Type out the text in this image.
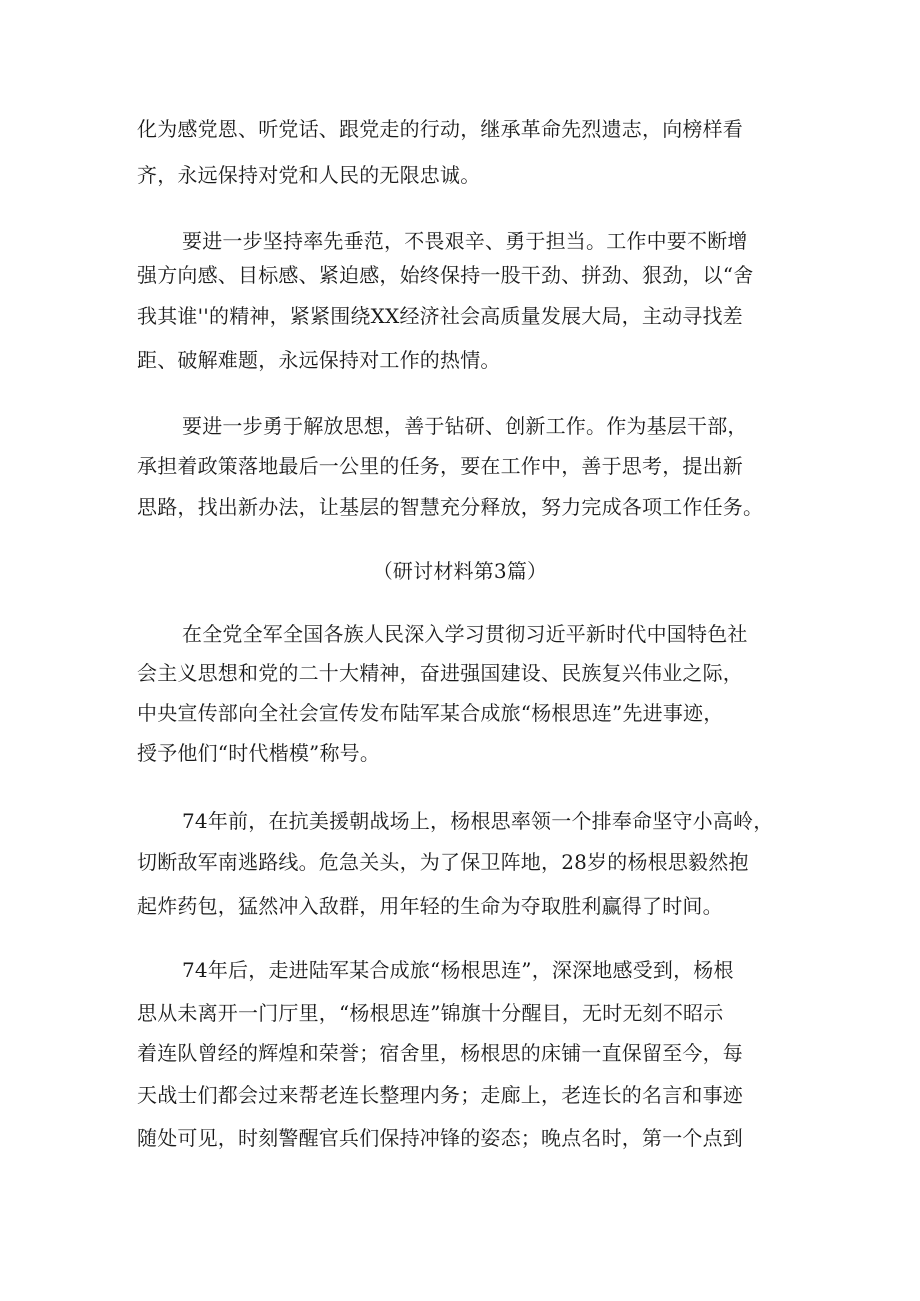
化为感党恩、听党话、跟党走的行动，继承革命先烈遗志，向榜样看
齐，永远保持对党和人民的无限忠诚。
要进一步坚持率先垂范，不畏艰辛、勇于担当。工作中要不断增
强方向感、目标感、紧迫感，始终保持一股干劲、拼劲、狠劲，以“舍
我其谁''的精神，紧紧围绕XX经济社会高质量发展大局，主动寻找差
距、破解难题，永远保持对工作的热情。
要进一步勇于解放思想，善于钻研、创新工作。作为基层干部，
承担着政策落地最后一公里的任务，要在工作中，善于思考，提出新
思路，找出新办法，让基层的智慧充分释放，努力完成各项工作任务。
（研讨材料第3篇）
在全党全军全国各族人民深入学习贯彻习近平新时代中国特色社
会主义思想和党的二十大精神，奋进强国建设、民族复兴伟业之际，
中央宣传部向全社会宣传发布陆军某合成旅“杨根思连”先进事迹，
授予他们“时代楷模”称号。
74年前，在抗美援朝战场上，杨根思率领一个排奉命坚守小高岭，
切断敌军南逃路线。危急关头，为了保卫阵地，28岁的杨根思毅然抱
起炸药包，猛然冲入敌群，用年轻的生命为夺取胜利赢得了时间。
74年后，走进陆军某合成旅“杨根思连”，深深地感受到，杨根
思从未离开一门厅里，“杨根思连”锦旗十分醒目，无时无刻不昭示
着连队曾经的辉煌和荣誉；宿舍里，杨根思的床铺一直保留至今，每
天战士们都会过来帮老连长整理内务；走廊上，老连长的名言和事迹
随处可见，时刻警醒官兵们保持冲锋的姿态；晚点名时，第一个点到
